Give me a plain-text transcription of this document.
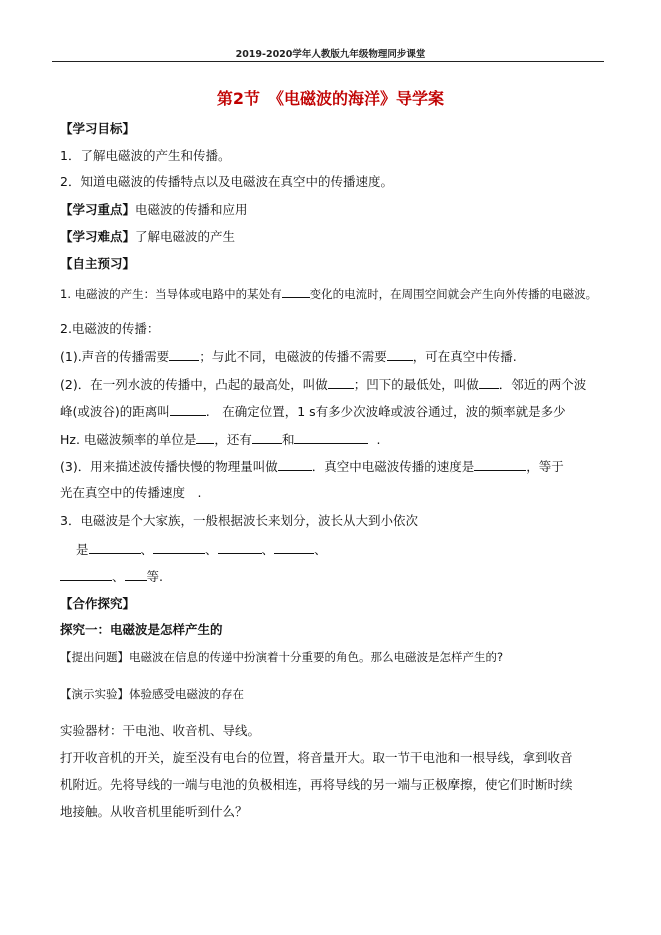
2019-2020学年人教版九年级物理同步课堂
第2节　《电磁波的海洋》导学案
【学习目标】
1．了解电磁波的产生和传播。
2．知道电磁波的传播特点以及电磁波在真空中的传播速度。
【学习重点】电磁波的传播和应用
【学习难点】了解电磁波的产生
【自主预习】
1. 电磁波的产生：当导体或电路中的某处有 变化的电流时，在周围空间就会产生向外传播的电磁波。
2.电磁波的传播：
(1).声音的传播需要 ；与此不同，电磁波的传播不需要 ，可在真空中传播.
(2)．在一列水波的传播中，凸起的最高处，叫做 ；凹下的最低处，叫做 ．邻近的两个波
峰(或波谷)的距离叫	.　在确定位置，1 s有多少次波峰或波谷通过，波的频率就是多少
Hz. 电磁波频率的单位是 ，还有 和	.
(3)．用来描述波传播快慢的物理量叫做	．真空中电磁波传播的速度是	，等于
光在真空中的传播速度　.
3．电磁波是个大家族，一般根据波长来划分，波长从大到小依次
是	、	、	、	、
、 等.
【合作探究】
探究一：电磁波是怎样产生的
【提出问题】电磁波在信息的传递中扮演着十分重要的角色。那么电磁波是怎样产生的?
【演示实验】体验感受电磁波的存在
实验器材：干电池、收音机、导线。
打开收音机的开关，旋至没有电台的位置，将音量开大。取一节干电池和一根导线，拿到收音
机附近。先将导线的一端与电池的负极相连，再将导线的另一端与正极摩擦，使它们时断时续
地接触。从收音机里能听到什么？
